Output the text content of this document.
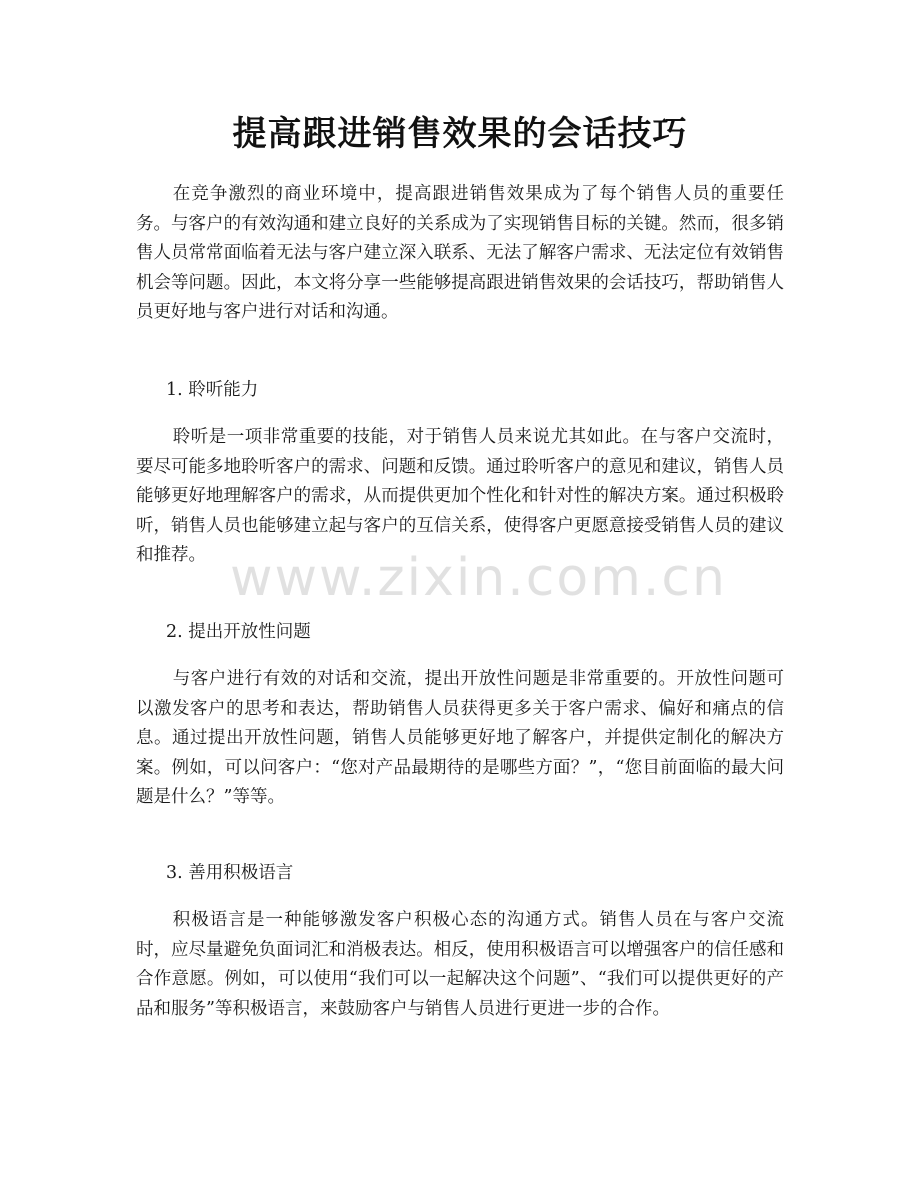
提高跟进销售效果的会话技巧

在竞争激烈的商业环境中，提高跟进销售效果成为了每个销售人员的重要任务。与客户的有效沟通和建立良好的关系成为了实现销售目标的关键。然而，很多销售人员常常面临着无法与客户建立深入联系、无法了解客户需求、无法定位有效销售机会等问题。因此，本文将分享一些能够提高跟进销售效果的会话技巧，帮助销售人员更好地与客户进行对话和沟通。

1. 聆听能力

聆听是一项非常重要的技能，对于销售人员来说尤其如此。在与客户交流时，要尽可能多地聆听客户的需求、问题和反馈。通过聆听客户的意见和建议，销售人员能够更好地理解客户的需求，从而提供更加个性化和针对性的解决方案。通过积极聆听，销售人员也能够建立起与客户的互信关系，使得客户更愿意接受销售人员的建议和推荐。

2. 提出开放性问题

与客户进行有效的对话和交流，提出开放性问题是非常重要的。开放性问题可以激发客户的思考和表达，帮助销售人员获得更多关于客户需求、偏好和痛点的信息。通过提出开放性问题，销售人员能够更好地了解客户，并提供定制化的解决方案。例如，可以问客户：“您对产品最期待的是哪些方面？”，“您目前面临的最大问题是什么？”等等。

3. 善用积极语言

积极语言是一种能够激发客户积极心态的沟通方式。销售人员在与客户交流时，应尽量避免负面词汇和消极表达。相反，使用积极语言可以增强客户的信任感和合作意愿。例如，可以使用“我们可以一起解决这个问题”、“我们可以提供更好的产品和服务”等积极语言，来鼓励客户与销售人员进行更进一步的合作。

www.zixin.com.cn
